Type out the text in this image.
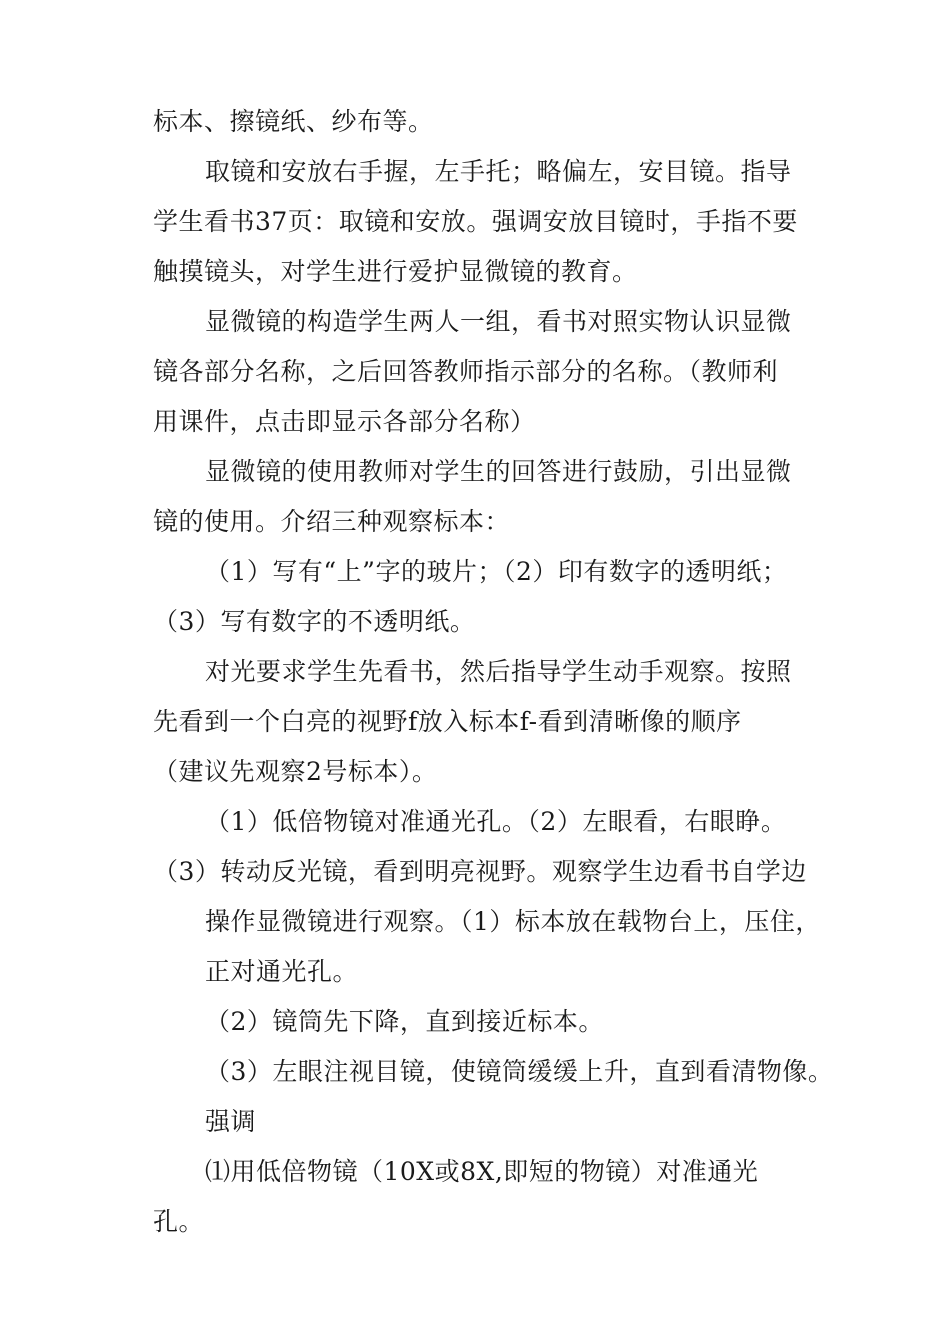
标本、擦镜纸、纱布等。
取镜和安放右手握，左手托；略偏左，安目镜。指导
学生看书37页：取镜和安放。强调安放目镜时，手指不要
触摸镜头，对学生进行爱护显微镜的教育。
显微镜的构造学生两人一组，看书对照实物认识显微
镜各部分名称，之后回答教师指示部分的名称。（教师利
用课件，点击即显示各部分名称）
显微镜的使用教师对学生的回答进行鼓励，引出显微
镜的使用。介绍三种观察标本：
（1）写有“上”字的玻片；（2）印有数字的透明纸；
（3）写有数字的不透明纸。
对光要求学生先看书，然后指导学生动手观察。按照
先看到一个白亮的视野f放入标本f-看到清晰像的顺序
（建议先观察2号标本）。
（1）低倍物镜对准通光孔。（2）左眼看，右眼睁。
（3）转动反光镜，看到明亮视野。观察学生边看书自学边
操作显微镜进行观察。（1）标本放在载物台上，压住，
正对通光孔。
（2）镜筒先下降，直到接近标本。
（3）左眼注视目镜，使镜筒缓缓上升，直到看清物像。
强调
⑴用低倍物镜（10X或8X,即短的物镜）对准通光
孔。
